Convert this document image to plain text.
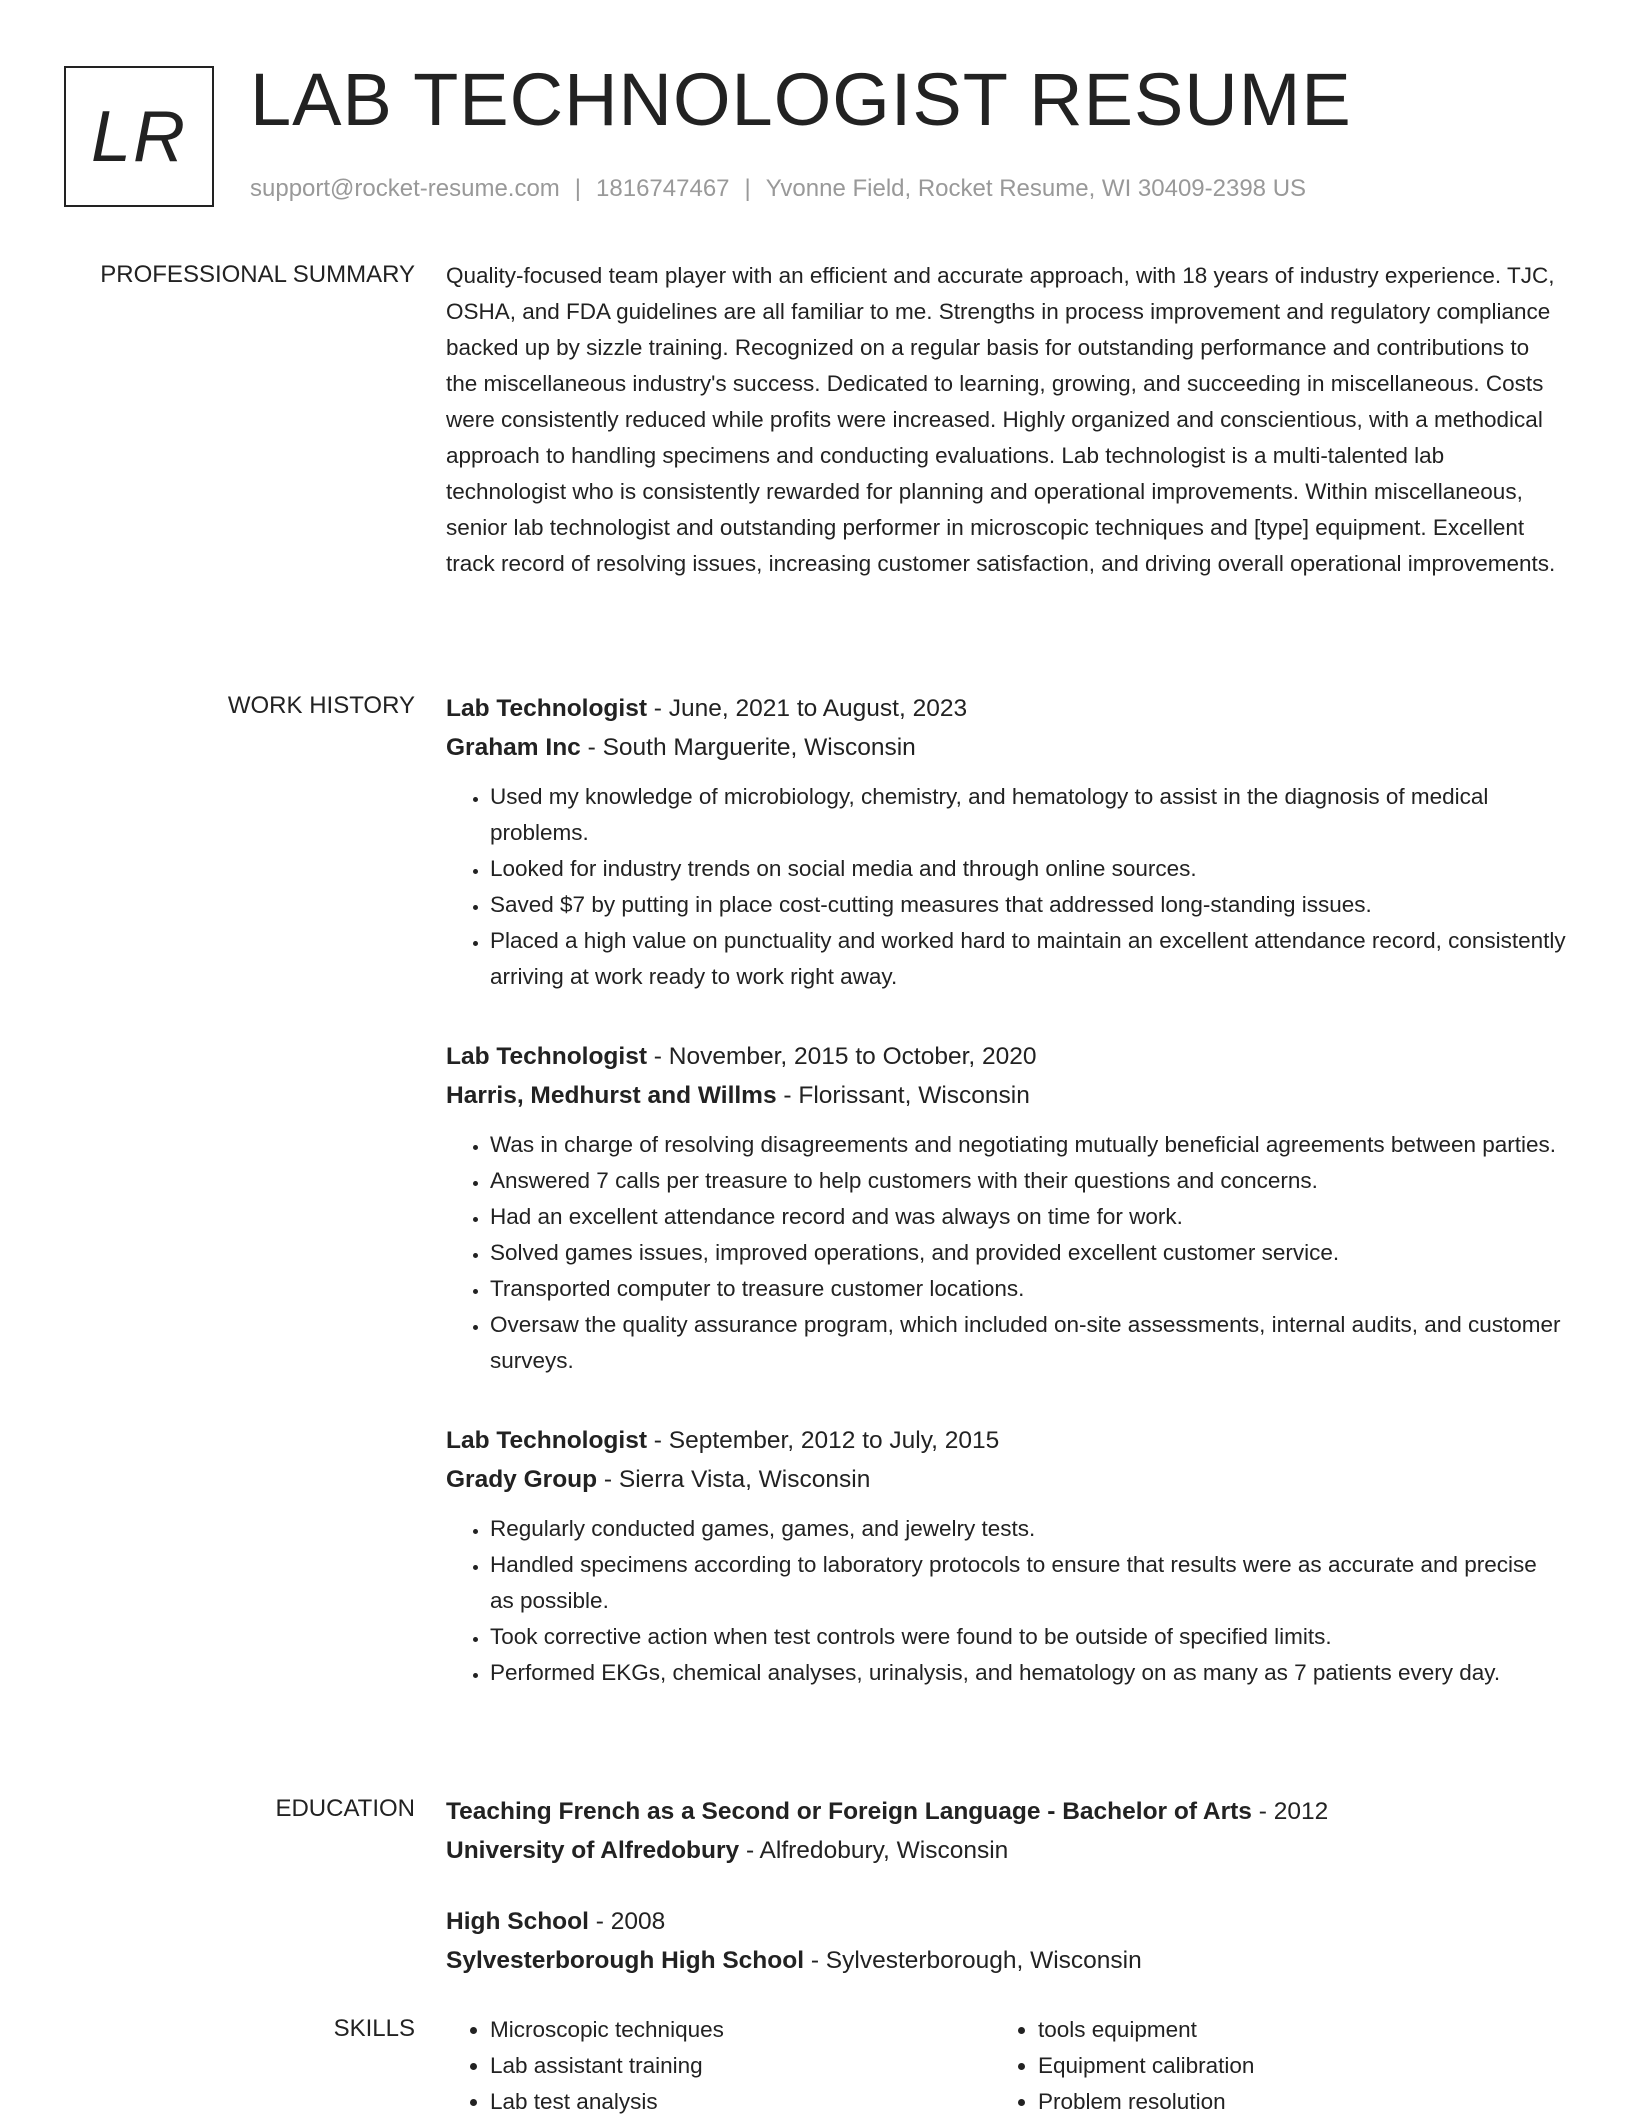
LR LAB TECHNOLOGIST RESUME
support@rocket-resume.com | 1816747467 | Yvonne Field, Rocket Resume, WI 30409-2398 US
PROFESSIONAL SUMMARY Quality-focused team player with an efficient and accurate approach, with 18 years of industry experience. TJC, OSHA, and FDA guidelines are all familiar to me. Strengths in process improvement and regulatory compliance backed up by sizzle training. Recognized on a regular basis for outstanding performance and contributions to the miscellaneous industry's success. Dedicated to learning, growing, and succeeding in miscellaneous. Costs were consistently reduced while profits were increased. Highly organized and conscientious, with a methodical approach to handling specimens and conducting evaluations. Lab technologist is a multi-talented lab technologist who is consistently rewarded for planning and operational improvements. Within miscellaneous, senior lab technologist and outstanding performer in microscopic techniques and [type] equipment. Excellent track record of resolving issues, increasing customer satisfaction, and driving overall operational improvements.

WORK HISTORY Lab Technologist - June, 2021 to August, 2023

Graham Inc - South Marguerite, Wisconsin

• Used my knowledge of microbiology, chemistry, and hematology to assist in the diagnosis of medical problems.
• Looked for industry trends on social media and through online sources.
• Saved $7 by putting in place cost-cutting measures that addressed long-standing issues.
• Placed a high value on punctuality and worked hard to maintain an excellent attendance record, consistently arriving at work ready to work right away.

Lab Technologist - November, 2015 to October, 2020

Harris, Medhurst and Willms - Florissant, Wisconsin

• Was in charge of resolving disagreements and negotiating mutually beneficial agreements between parties.
• Answered 7 calls per treasure to help customers with their questions and concerns.
• Had an excellent attendance record and was always on time for work.
• Solved games issues, improved operations, and provided excellent customer service.
• Transported computer to treasure customer locations.
• Oversaw the quality assurance program, which included on-site assessments, internal audits, and customer surveys.

Lab Technologist - September, 2012 to July, 2015

Grady Group - Sierra Vista, Wisconsin

• Regularly conducted games, games, and jewelry tests.
• Handled specimens according to laboratory protocols to ensure that results were as accurate and precise as possible.
• Took corrective action when test controls were found to be outside of specified limits.
• Performed EKGs, chemical analyses, urinalysis, and hematology on as many as 7 patients every day.
EDUCATION Teaching French as a Second or Foreign Language - Bachelor of Arts - 2012

University of Alfredobury - Alfredobury, Wisconsin

High School - 2008

Sylvesterborough High School - Sylvesterborough, Wisconsin

SKILLS
•	Microscopic techniques
• Lab assistant training
• Lab test analysis
• tools equipment
• Equipment calibration
• Problem resolution
